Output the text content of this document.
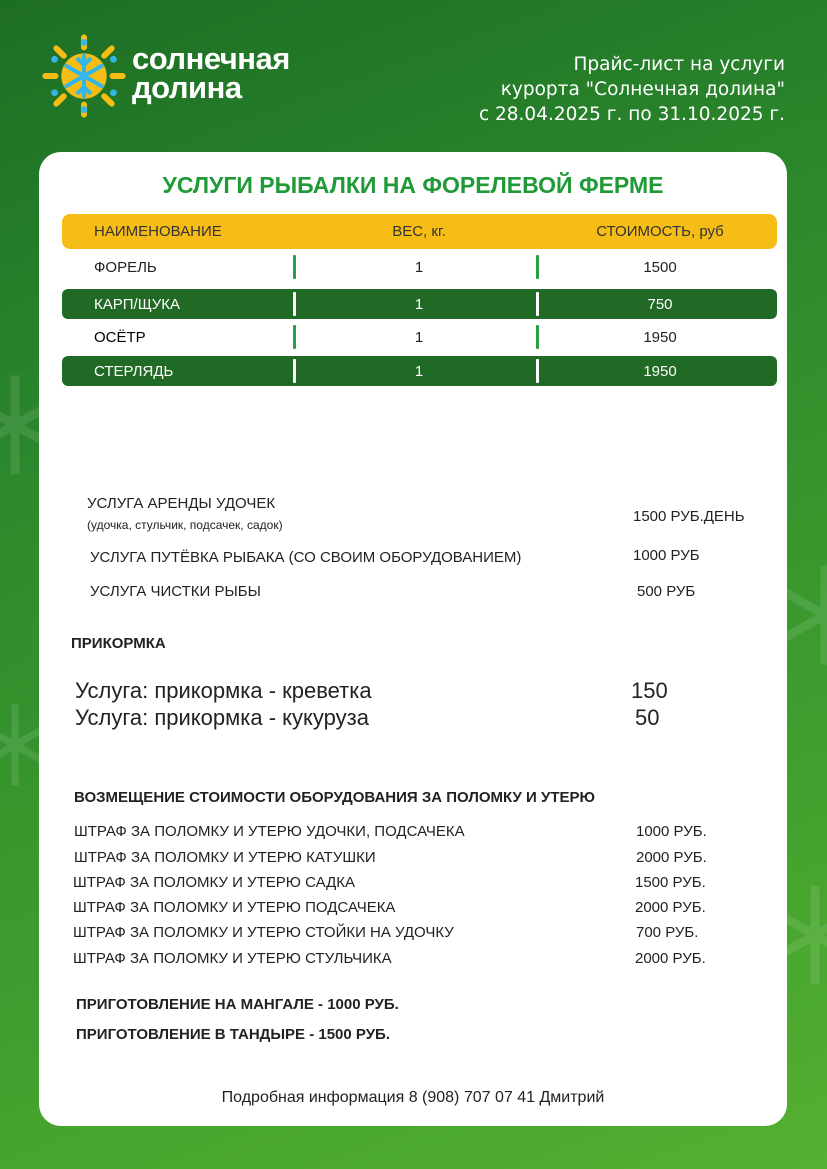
солнечная
долина
Прайс-лист на услуги
курорта "Солнечная долина"
с 28.04.2025 г. по 31.10.2025 г.
УСЛУГИ РЫБАЛКИ НА ФОРЕЛЕВОЙ ФЕРМЕ
НАИМЕНОВАНИЕ	ВЕС, кг.	СТОИМОСТЬ, руб
ФОРЕЛЬ	1	1500
КАРП/ЩУКА	1	750
ОСЁТР	1	1950
СТЕРЛЯДЬ	1	1950
УСЛУГА АРЕНДЫ УДОЧЕК
(удочка, стульчик, подсачек, садок)	1500 РУБ.ДЕНЬ
УСЛУГА ПУТЁВКА РЫБАКА (СО СВОИМ ОБОРУДОВАНИЕМ)	1000 РУБ
УСЛУГА ЧИСТКИ РЫБЫ	500 РУБ
ПРИКОРМКА
Услуга: прикормка - креветка	150
Услуга: прикормка - кукуруза	50
ВОЗМЕЩЕНИЕ СТОИМОСТИ ОБОРУДОВАНИЯ ЗА ПОЛОМКУ И УТЕРЮ
ШТРАФ ЗА ПОЛОМКУ И УТЕРЮ УДОЧКИ, ПОДСАЧЕКА	1000 РУБ.
ШТРАФ ЗА ПОЛОМКУ И УТЕРЮ КАТУШКИ	2000 РУБ.
ШТРАФ ЗА ПОЛОМКУ И УТЕРЮ САДКА	1500 РУБ.
ШТРАФ ЗА ПОЛОМКУ И УТЕРЮ ПОДСАЧЕКА	2000 РУБ.
ШТРАФ ЗА ПОЛОМКУ И УТЕРЮ СТОЙКИ НА УДОЧКУ	700 РУБ.
ШТРАФ ЗА ПОЛОМКУ И УТЕРЮ СТУЛЬЧИКА	2000 РУБ.
ПРИГОТОВЛЕНИЕ НА МАНГАЛЕ - 1000 РУБ.
ПРИГОТОВЛЕНИЕ В ТАНДЫРЕ - 1500 РУБ.
Подробная информация 8 (908) 707 07 41 Дмитрий
